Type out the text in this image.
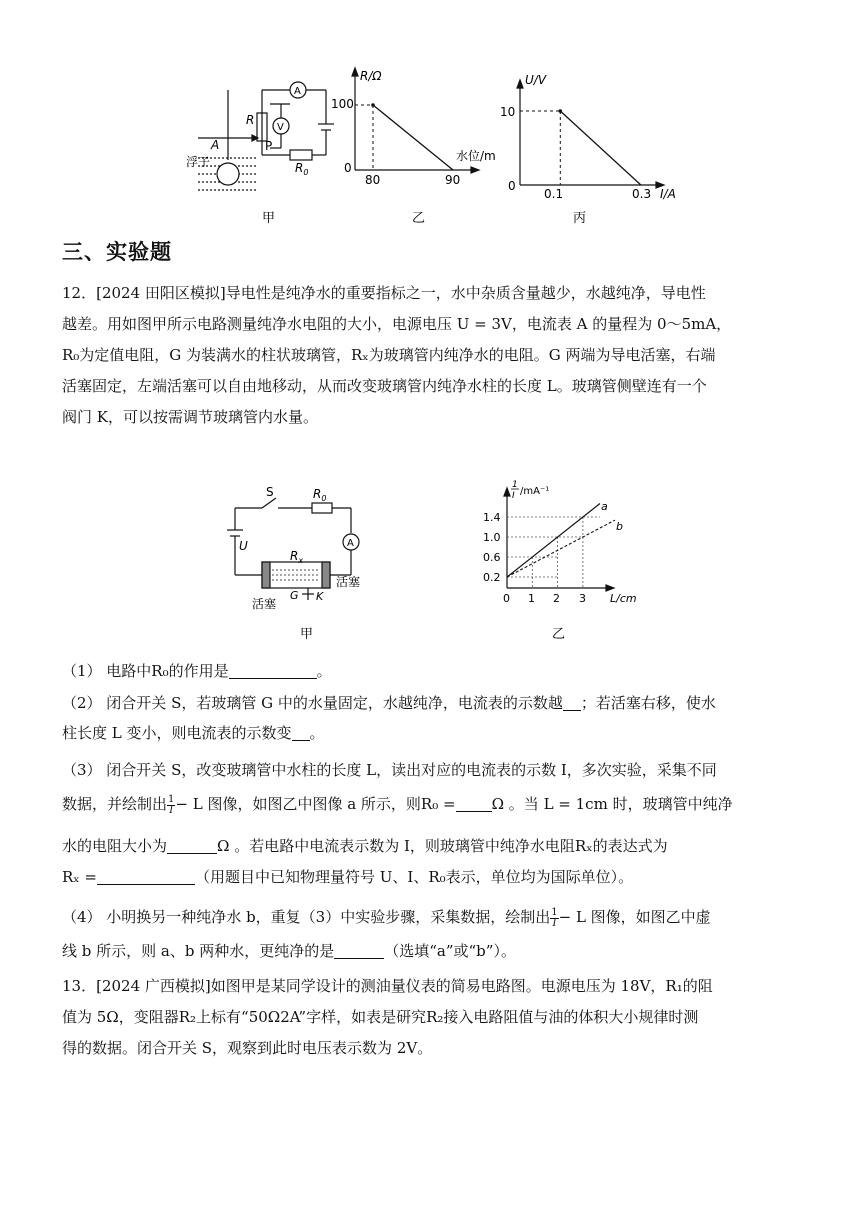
A
R
P
$R_0$
浮子
A
V
甲
R/Ω
水位/m
100
0
80	90
乙
U/V
I/A
10
0
0.1	0.3
丙
三、实验题
12．[2024 田阳区模拟]导电性是纯净水的重要指标之一，水中杂质含量越少，水越纯净，导电性
越差。用如图甲所示电路测量纯净水电阻的大小，电源电压 U = 3V，电流表 A 的量程为 0～5mA，
R₀为定值电阻，G 为装满水的柱状玻璃管，Rₓ为玻璃管内纯净水的电阻。G 两端为导电活塞，右端
活塞固定，左端活塞可以自由地移动，从而改变玻璃管内纯净水柱的长度 L。玻璃管侧壁连有一个
阀门 K，可以按需调节玻璃管内水量。
S	$R_0$
U	A
$R_x$
G K
活塞
活塞
甲
1
I /mA⁻¹
L/cm
1.4
1.0
0.6
0.2
0 1 2 3
a
b
乙
（1） 电路中R₀的作用是	。
（2） 闭合开关 S，若玻璃管 G 中的水量固定，水越纯净，电流表的示数越 ；若活塞右移，使水
柱长度 L 变小，则电流表的示数变 。
（3） 闭合开关 S，改变玻璃管中水柱的长度 L，读出对应的电流表的示数 I，多次实验，采集不同
数据，并绘制出 $\frac{1}{I} - L$ 图像，如图乙中图像 a 所示，则R₀ = Ω 。当 L = 1cm 时，玻璃管中纯净
水的电阻大小为	Ω 。若电路中电流表示数为 I，则玻璃管中纯净水电阻Rₓ的表达式为
Rₓ =	（用题目中已知物理量符号 U、I、R₀表示，单位均为国际单位）。
（4） 小明换另一种纯净水 b，重复（3）中实验步骤，采集数据，绘制出 $\frac{1}{I} - L$ 图像，如图乙中虚
线 b 所示，则 a、b 两种水，更纯净的是	（选填“a”或“b”）。
13．[2024 广西模拟]如图甲是某同学设计的测油量仪表的简易电路图。电源电压为 18V，R₁的阻
值为 5Ω，变阻器R₂上标有“50Ω2A”字样，如表是研究R₂接入电路阻值与油的体积大小规律时测
得的数据。闭合开关 S，观察到此时电压表示数为 2V。
